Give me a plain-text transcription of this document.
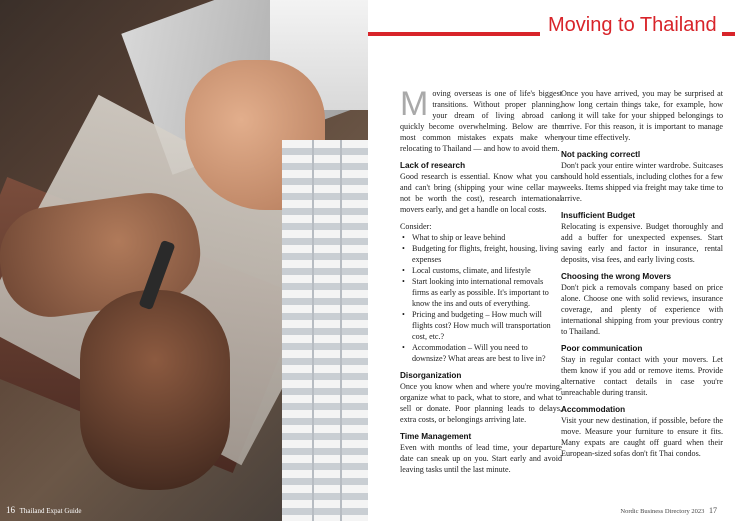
16 Thailand Expat Guide
Moving to Thailand

Moving overseas is one of life's biggest transitions. Without proper planning, your dream of living abroad can quickly become overwhelming. Below are the most common mistakes expats make when relocating to Thailand — and how to avoid them.

Lack of research

Good research is essential. Know what you can and can't bring (shipping your wine cellar may not be worth the cost), research international movers early, and get a handle on local costs.

Consider:

• What to ship or leave behind
• Budgeting for flights, freight, housing, living expenses
• Local customs, climate, and lifestyle
• Start looking into international removals firms as early as possible. It's important to know the ins and outs of everything.
• Pricing and budgeting – How much will flights cost? How much will transportation cost, etc.?
• Accommodation – Will you need to downsize? What areas are best to live in?
Disorganization

Once you know when and where you're moving, organize what to pack, what to store, and what to sell or donate. Poor planning leads to delays, extra costs, or belongings arriving late.

Time Management

Even with months of lead time, your departure date can sneak up on you. Start early and avoid leaving tasks until the last minute.

Once you have arrived, you may be surprised at how long certain things take, for example, how long it will take for your shipped belongings to arrive. For this reason, it is important to manage your time effectively.

Not packing correctl

Don't pack your entire winter wardrobe. Suitcases should hold essentials, including clothes for a few weeks. Items shipped via freight may take time to arrive.

Insufficient Budget

Relocating is expensive. Budget thoroughly and add a buffer for unexpected expenses. Start saving early and factor in insurance, rental deposits, visa fees, and early living costs.

Choosing the wrong Movers

Don't pick a removals company based on price alone. Choose one with solid reviews, insurance coverage, and plenty of experience with international shipping from your previous contry to Thailand.

Poor communication

Stay in regular contact with your movers. Let them know if you add or remove items. Provide alternative contact details in case you're unreachable during transit.

Accommodation

Visit your new destination, if possible, before the move. Measure your furniture to ensure it fits. Many expats are caught off guard when their European-sized sofas don't fit Thai condos.

Nordic Business Directory 2023 17
